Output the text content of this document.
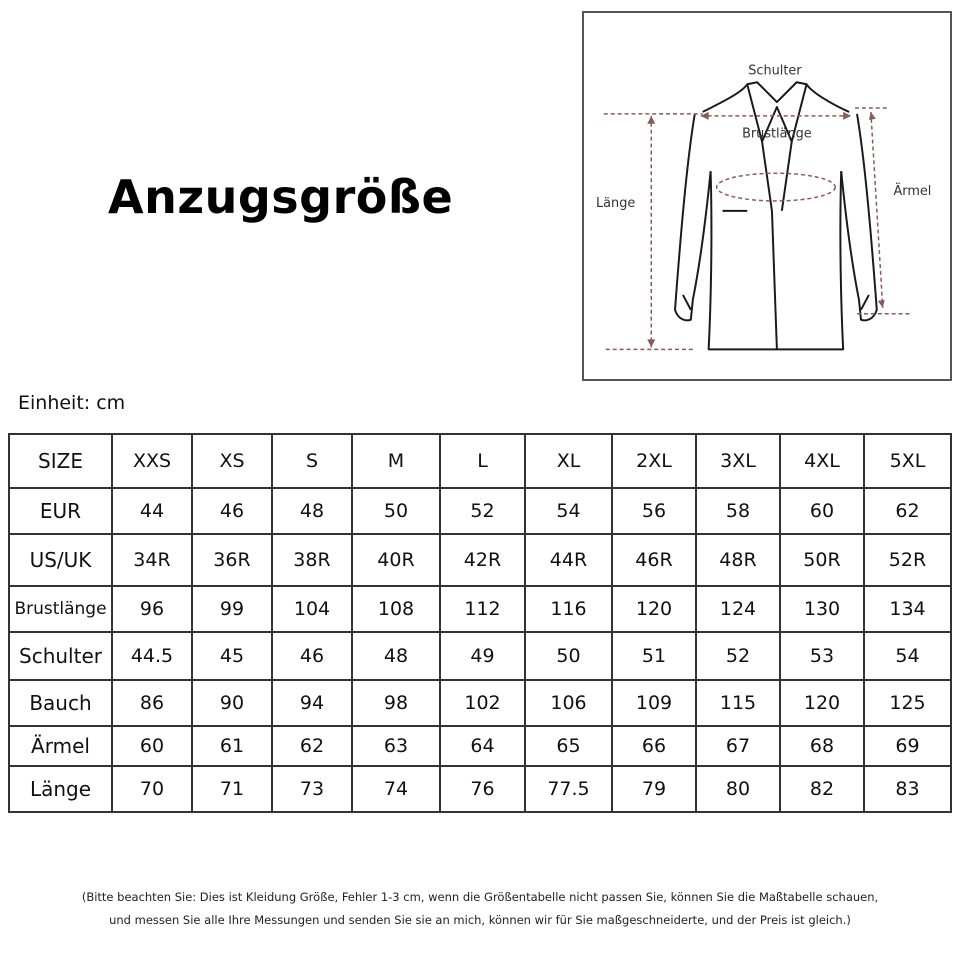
Anzugsgröße
Schulter
Brustlänge
Länge
Ärmel
Einheit: cm
SIZE	XXS	XS	S	M	L	XL	2XL	3XL	4XL	5XL
EUR	44	46	48	50	52	54	56	58	60	62
US/UK	34R	36R	38R	40R	42R	44R	46R	48R	50R	52R
Brustlänge	96	99	104	108	112	116	120	124	130	134
Schulter	44.5	45	46	48	49	50	51	52	53	54
Bauch	86	90	94	98	102	106	109	115	120	125
Ärmel	60	61	62	63	64	65	66	67	68	69
Länge	70	71	73	74	76	77.5	79	80	82	83
(Bitte beachten Sie: Dies ist Kleidung Größe, Fehler 1-3 cm, wenn die Größentabelle nicht passen Sie, können Sie die Maßtabelle schauen,
und messen Sie alle Ihre Messungen und senden Sie sie an mich, können wir für Sie maßgeschneiderte, und der Preis ist gleich.)
